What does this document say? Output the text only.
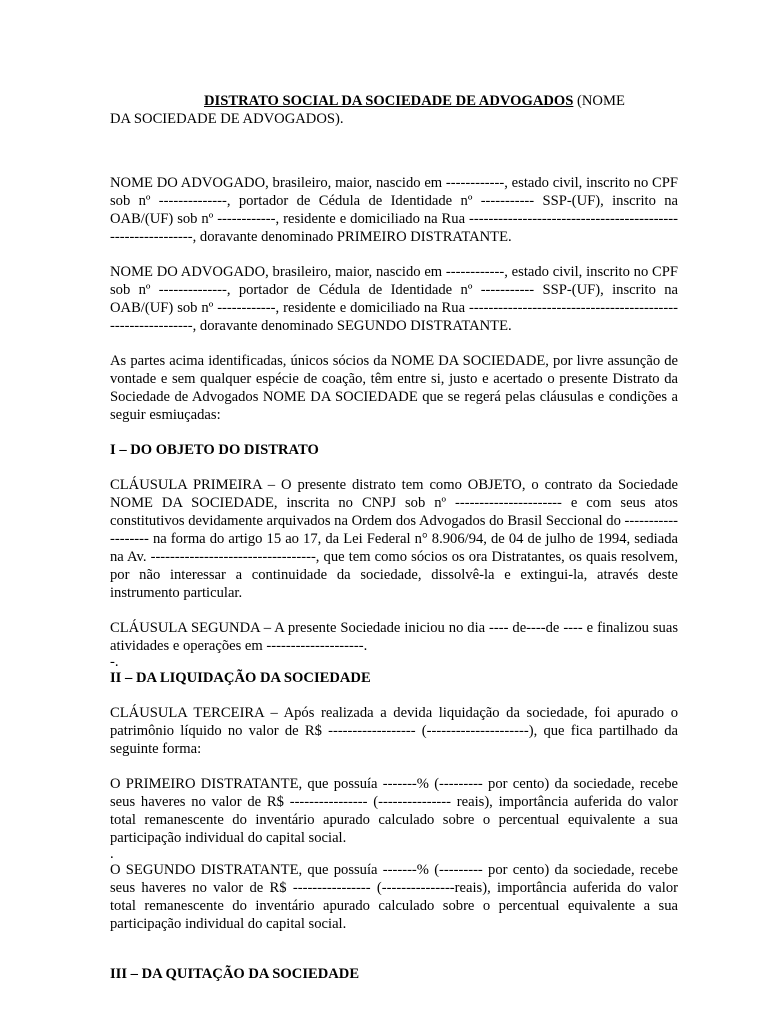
DISTRATO SOCIAL DA SOCIEDADE DE ADVOGADOS (NOME

DA SOCIEDADE DE ADVOGADOS).

NOME DO ADVOGADO, brasileiro, maior, nascido em ------------, estado civil, inscrito no CPF sob nº --------------, portador de Cédula de Identidade nº ----------- SSP-(UF), inscrito na OAB/(UF) sob nº ------------, residente e domiciliado na Rua ------------------------------------------------------------, doravante denominado PRIMEIRO DISTRATANTE.

NOME DO ADVOGADO, brasileiro, maior, nascido em ------------, estado civil, inscrito no CPF sob nº --------------, portador de Cédula de Identidade nº ----------- SSP-(UF), inscrito na OAB/(UF) sob nº ------------, residente e domiciliado na Rua ------------------------------------------------------------, doravante denominado SEGUNDO DISTRATANTE.

As partes acima identificadas, únicos sócios da NOME DA SOCIEDADE, por livre assunção de vontade e sem qualquer espécie de coação, têm entre si, justo e acertado o presente Distrato da Sociedade de Advogados NOME DA SOCIEDADE que se regerá pelas cláusulas e condições a seguir esmiuçadas:

I – DO OBJETO DO DISTRATO

CLÁUSULA PRIMEIRA – O presente distrato tem como OBJETO, o contrato da Sociedade NOME DA SOCIEDADE, inscrita no CNPJ sob nº ---------------------- e com seus atos constitutivos devidamente arquivados na Ordem dos Advogados do Brasil Seccional do ------------------- na forma do artigo 15 ao 17, da Lei Federal n° 8.906/94, de 04 de julho de 1994, sediada na Av. ----------------------------------, que tem como sócios os ora Distratantes, os quais resolvem, por não interessar a continuidade da sociedade, dissolvê-la e extingui-la, através deste instrumento particular.

CLÁUSULA SEGUNDA – A presente Sociedade iniciou no dia ---- de----de ---- e finalizou suas atividades e operações em --------------------.

-.

II – DA LIQUIDAÇÃO DA SOCIEDADE

CLÁUSULA TERCEIRA – Após realizada a devida liquidação da sociedade, foi apurado o patrimônio líquido no valor de R$ ------------------ (---------------------), que fica partilhado da seguinte forma:

O PRIMEIRO DISTRATANTE, que possuía -------% (--------- por cento) da sociedade, recebe seus haveres no valor de R$ ---------------- (--------------- reais), importância auferida do valor total remanescente do inventário apurado calculado sobre o percentual equivalente a sua participação individual do capital social.

.

O SEGUNDO DISTRATANTE, que possuía -------% (--------- por cento) da sociedade, recebe seus haveres no valor de R$ ---------------- (---------------reais), importância auferida do valor total remanescente do inventário apurado calculado sobre o percentual equivalente a sua participação individual do capital social.

III – DA QUITAÇÃO DA SOCIEDADE
